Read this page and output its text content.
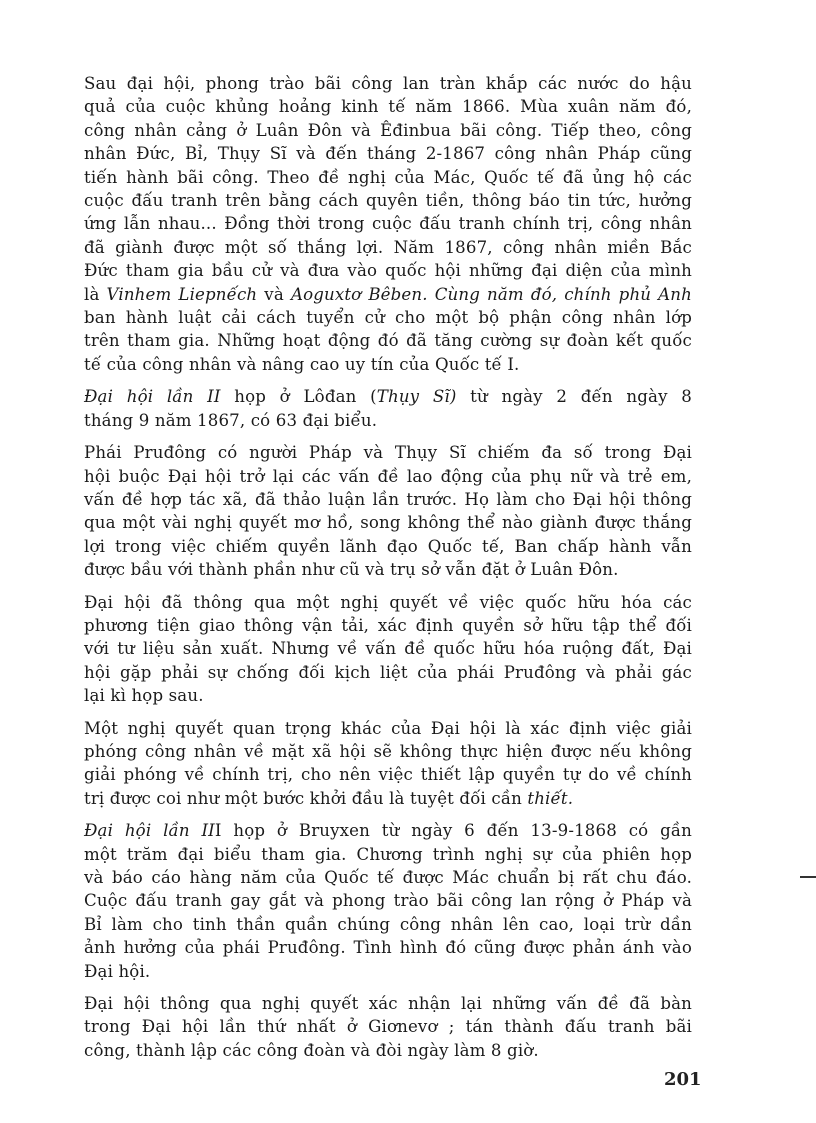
Sau đại hội, phong trào bãi công lan tràn khắp các nước do hậu
quả của cuộc khủng hoảng kinh tế năm 1866. Mùa xuân năm đó,
công nhân cảng ở Luân Đôn và Êđinbua bãi công. Tiếp theo, công
nhân Đức, Bỉ, Thụy Sĩ và đến tháng 2-1867 công nhân Pháp cũng
tiến hành bãi công. Theo đề nghị của Mác, Quốc tế đã ủng hộ các
cuộc đấu tranh trên bằng cách quyên tiền, thông báo tin tức, hưởng
ứng lẫn nhau... Đồng thời trong cuộc đấu tranh chính trị, công nhân
đã giành được một số thắng lợi. Năm 1867, công nhân miền Bắc
Đức tham gia bầu cử và đưa vào quốc hội những đại diện của mình
là Vinhem Liepnếch và Aoguxtơ Bêben. Cùng năm đó, chính phủ Anh
ban hành luật cải cách tuyển cử cho một bộ phận công nhân lớp
trên tham gia. Những hoạt động đó đã tăng cường sự đoàn kết quốc
tế của công nhân và nâng cao uy tín của Quốc tế I.

Đại hội lần II họp ở Lôđan (Thụy Sĩ) từ ngày 2 đến ngày 8
tháng 9 năm 1867, có 63 đại biểu.

Phái Pruđông có người Pháp và Thụy Sĩ chiếm đa số trong Đại
hội buộc Đại hội trở lại các vấn đề lao động của phụ nữ và trẻ em,
vấn đề hợp tác xã, đã thảo luận lần trước. Họ làm cho Đại hội thông
qua một vài nghị quyết mơ hồ, song không thể nào giành được thắng
lợi trong việc chiếm quyền lãnh đạo Quốc tế, Ban chấp hành vẫn
được bầu với thành phần như cũ và trụ sở vẫn đặt ở Luân Đôn.

Đại hội đã thông qua một nghị quyết về việc quốc hữu hóa các
phương tiện giao thông vận tải, xác định quyền sở hữu tập thể đối
với tư liệu sản xuất. Nhưng về vấn đề quốc hữu hóa ruộng đất, Đại
hội gặp phải sự chống đối kịch liệt của phái Pruđông và phải gác
lại kì họp sau.

Một nghị quyết quan trọng khác của Đại hội là xác định việc giải
phóng công nhân về mặt xã hội sẽ không thực hiện được nếu không
giải phóng về chính trị, cho nên việc thiết lập quyền tự do về chính
trị được coi như một bước khởi đầu là tuyệt đối cần thiết.

Đại hội lần III họp ở Bruyxen từ ngày 6 đến 13-9-1868 có gần
một trăm đại biểu tham gia. Chương trình nghị sự của phiên họp
và báo cáo hàng năm của Quốc tế được Mác chuẩn bị rất chu đáo.
Cuộc đấu tranh gay gắt và phong trào bãi công lan rộng ở Pháp và
Bỉ làm cho tinh thần quần chúng công nhân lên cao, loại trừ dần
ảnh hưởng của phái Pruđông. Tình hình đó cũng được phản ánh vào
Đại hội.

Đại hội thông qua nghị quyết xác nhận lại những vấn đề đã bàn
trong Đại hội lần thứ nhất ở Giơnevơ ; tán thành đấu tranh bãi
công, thành lập các công đoàn và đòi ngày làm 8 giờ.

201
